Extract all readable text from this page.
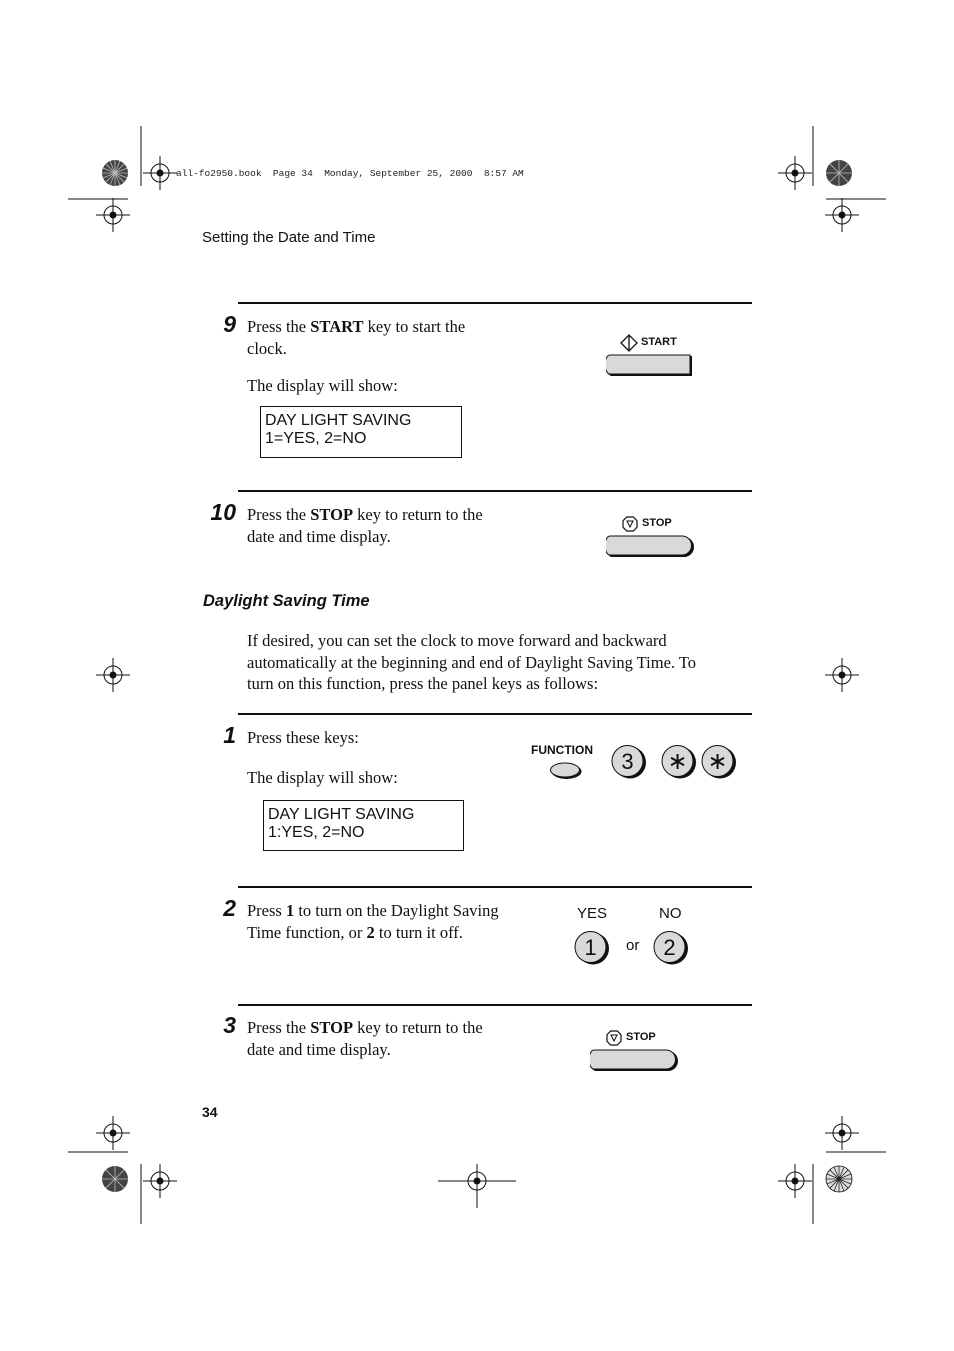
all-fo2950.book  Page 34  Monday, September 25, 2000  8:57 AM
Setting the Date and Time
9 Press the START key to start the
clock.
The display will show:
DAY LIGHT SAVING
1=YES, 2=NO
START
10 Press the STOP key to return to the
date and time display.
STOP
Daylight Saving Time
If desired, you can set the clock to move forward and backward
automatically at the beginning and end of Daylight Saving Time. To
turn on this function, press the panel keys as follows:
1 Press these keys:
The display will show:
DAY LIGHT SAVING
1:YES, 2=NO
FUNCTION	3	∗ ∗
2 Press 1 to turn on the Daylight Saving
Time function, or 2 to turn it off.
YES	NO
1	or	2
3 Press the STOP key to return to the
date and time display.
STOP
34
